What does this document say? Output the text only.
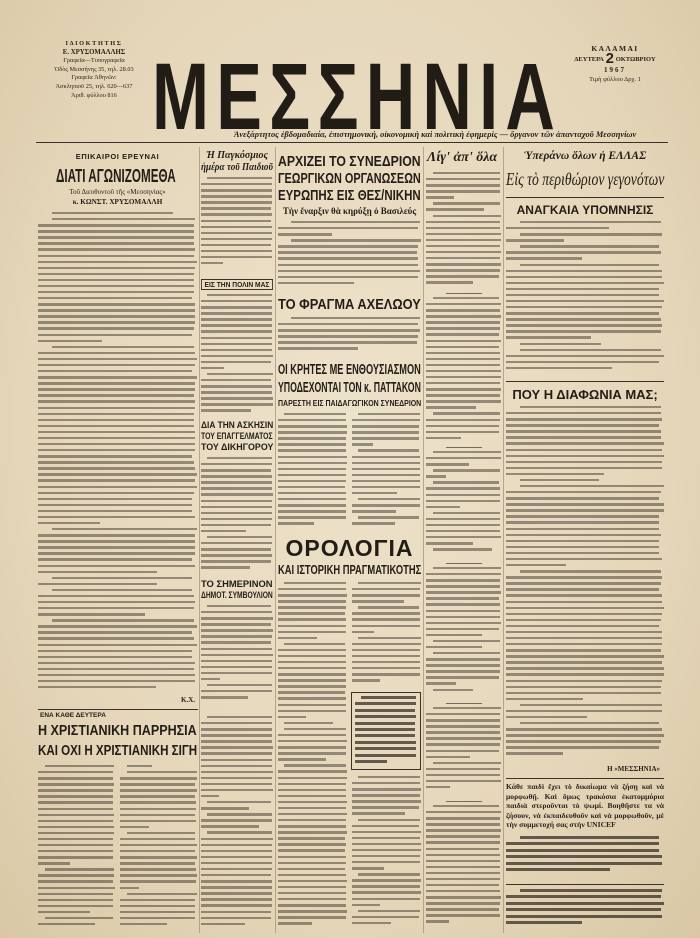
ΙΔΙΟΚΤΗΤΗΣ
Ε. ΧΡΥΣΟΜΑΛΛΗΣ
Γραφεῖα—Τυπογραφεῖα
Ὁδὸς Μεσσήνης 35, τηλ. 28.03
Γραφεῖα Ἀθηνῶν:
Ἀσκληπιοῦ 25, τηλ. 620—637
Ἀριθ. φύλλου 816 ΜΕΣΣΗΝΙΑ	ΚΑΛΑΜΑΙ
ΔΕΥΤΕΡΑ 2 ΟΚΤΩΒΡΙΟΥ
1967
Τιμὴ φύλλου Δρχ. 1
Ἀνεξάρτητος ἑβδομαδιαία, ἐπιστημονική, οἰκονομικὴ καὶ πολιτικὴ ἐφημερὶς — ὄργανον τῶν ἁπανταχοῦ Μεσσηνίων
ΕΠΙΚΑΙΡΟΙ ΕΡΕΥΝΑΙ
ΔΙΑΤΙ ΑΓΩΝΙΖΟΜΕΘΑ
Τοῦ Διευθυντοῦ τῆς «Μεσσηνίας»
κ. ΚΩΝΣΤ. ΧΡΥΣΟΜΑΛΛΗ
Κ.Χ.
ΕΝΑ ΚΑΘΕ ΔΕΥΤΕΡΑ
Η ΧΡΙΣΤΙΑΝΙΚΗ ΠΑΡΡΗΣΙΑ
ΚΑΙ ΟΧΙ Η ΧΡΙΣΤΙΑΝΙΚΗ ΣΙΓΗ
Ἡ Παγκόσμιος
ἡμέρα τοῦ Παιδιοῦ
ΕΙΣ ΤΗΝ ΠΟΛΙΝ ΜΑΣ
ΔΙΑ ΤΗΝ ΑΣΚΗΣΙΝ
ΤΟΥ ΕΠΑΓΓΕΛΜΑΤΟΣ
ΤΟΥ ΔΙΚΗΓΟΡΟΥ
ΤΟ ΣΗΜΕΡΙΝΟΝ
ΔΗΜΟΤ. ΣΥΜΒΟΥΛΙΟΝ
ΑΡΧΙΖΕΙ ΤΟ ΣΥΝΕΔΡΙΟΝ
ΓΕΩΡΓΙΚΩΝ ΟΡΓΑΝΩΣΕΩΝ
ΕΥΡΩΠΗΣ ΕΙΣ ΘΕΣ/ΝΙΚΗΝ
Τὴν ἔναρξιν θὰ κηρύξῃ ὁ Βασιλεύς
ΤΟ ΦΡΑΓΜΑ ΑΧΕΛΩΟΥ
ΟΙ ΚΡΗΤΕΣ ΜΕ ΕΝΘΟΥΣΙΑΣΜΟΝ
ΥΠΟΔΕΧΟΝΤΑΙ ΤΟΝ κ. ΠΑΤΤΑΚΟΝ
ΠΑΡΕΣΤΗ ΕΙΣ ΠΑΙΔΑΓΩΓΙΚΟΝ ΣΥΝΕΔΡΙΟΝ
ΟΡΟΛΟΓΙΑ
ΚΑΙ ΙΣΤΟΡΙΚΗ ΠΡΑΓΜΑΤΙΚΟΤΗΣ
Λίγ' ἀπ' ὅλα	Ὑπεράνω ὅλων ἡ ΕΛΛΑΣ
Εἰς τὸ περιθώριον γεγονότων
ΑΝΑΓΚΑΙΑ ΥΠΟΜΝΗΣΙΣ
ΠΟΥ Η ΔΙΑΦΩΝΙΑ ΜΑΣ;
Η «ΜΕΣΣΗΝΙΑ»
Κάθε παιδὶ ἔχει τὸ δικαίωμα νὰ ζήσῃ καὶ νὰ μορφωθῇ. Καὶ ὅμως τρακόσια ἑκατομμύρια παιδιὰ στεροῦνται τὸ ψωμί. Βοηθῆστε τα νὰ ζήσουν, νὰ ἐκπαιδευθοῦν καὶ νὰ μορφωθοῦν, μὲ τὴν συμμετοχή σας στὴν UNICEF
